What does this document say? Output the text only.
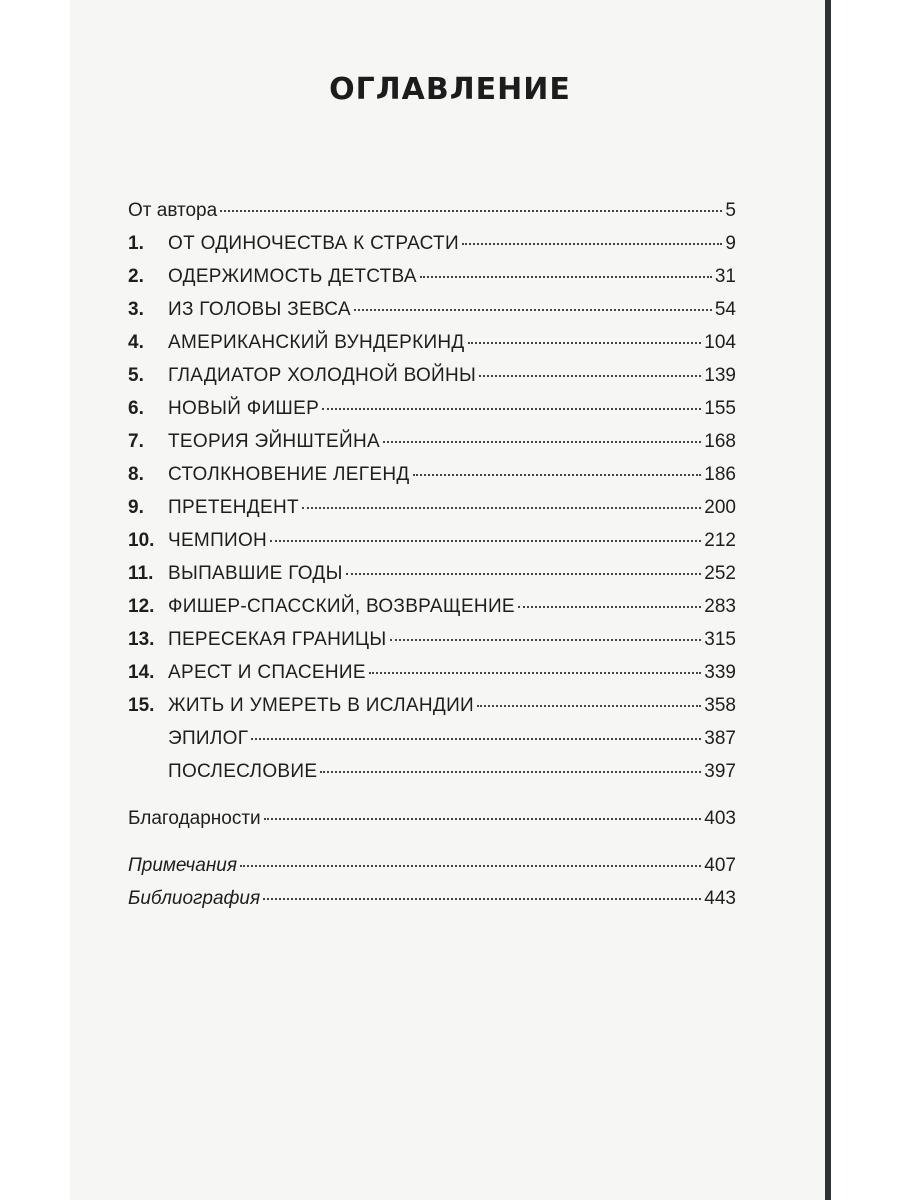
ОГЛАВЛЕНИЕ
От автора	5
1.	ОТ ОДИНОЧЕСТВА К СТРАСТИ	9
2.	ОДЕРЖИМОСТЬ ДЕТСТВА	31
3.	ИЗ ГОЛОВЫ ЗЕВСА	54
4.	АМЕРИКАНСКИЙ ВУНДЕРКИНД	104
5.	ГЛАДИАТОР ХОЛОДНОЙ ВОЙНЫ	139
6.	НОВЫЙ ФИШЕР	155
7.	ТЕОРИЯ ЭЙНШТЕЙНА	168
8.	СТОЛКНОВЕНИЕ ЛЕГЕНД	186
9.	ПРЕТЕНДЕНТ	200
10. ЧЕМПИОН	212
11. ВЫПАВШИЕ ГОДЫ	252
12. ФИШЕР-СПАССКИЙ, ВОЗВРАЩЕНИЕ	283
13. ПЕРЕСЕКАЯ ГРАНИЦЫ	315
14. АРЕСТ И СПАСЕНИЕ	339
15. ЖИТЬ И УМЕРЕТЬ В ИСЛАНДИИ	358
ЭПИЛОГ	387
ПОСЛЕСЛОВИЕ	397
Благодарности	403
Примечания	407
Библиография	443
